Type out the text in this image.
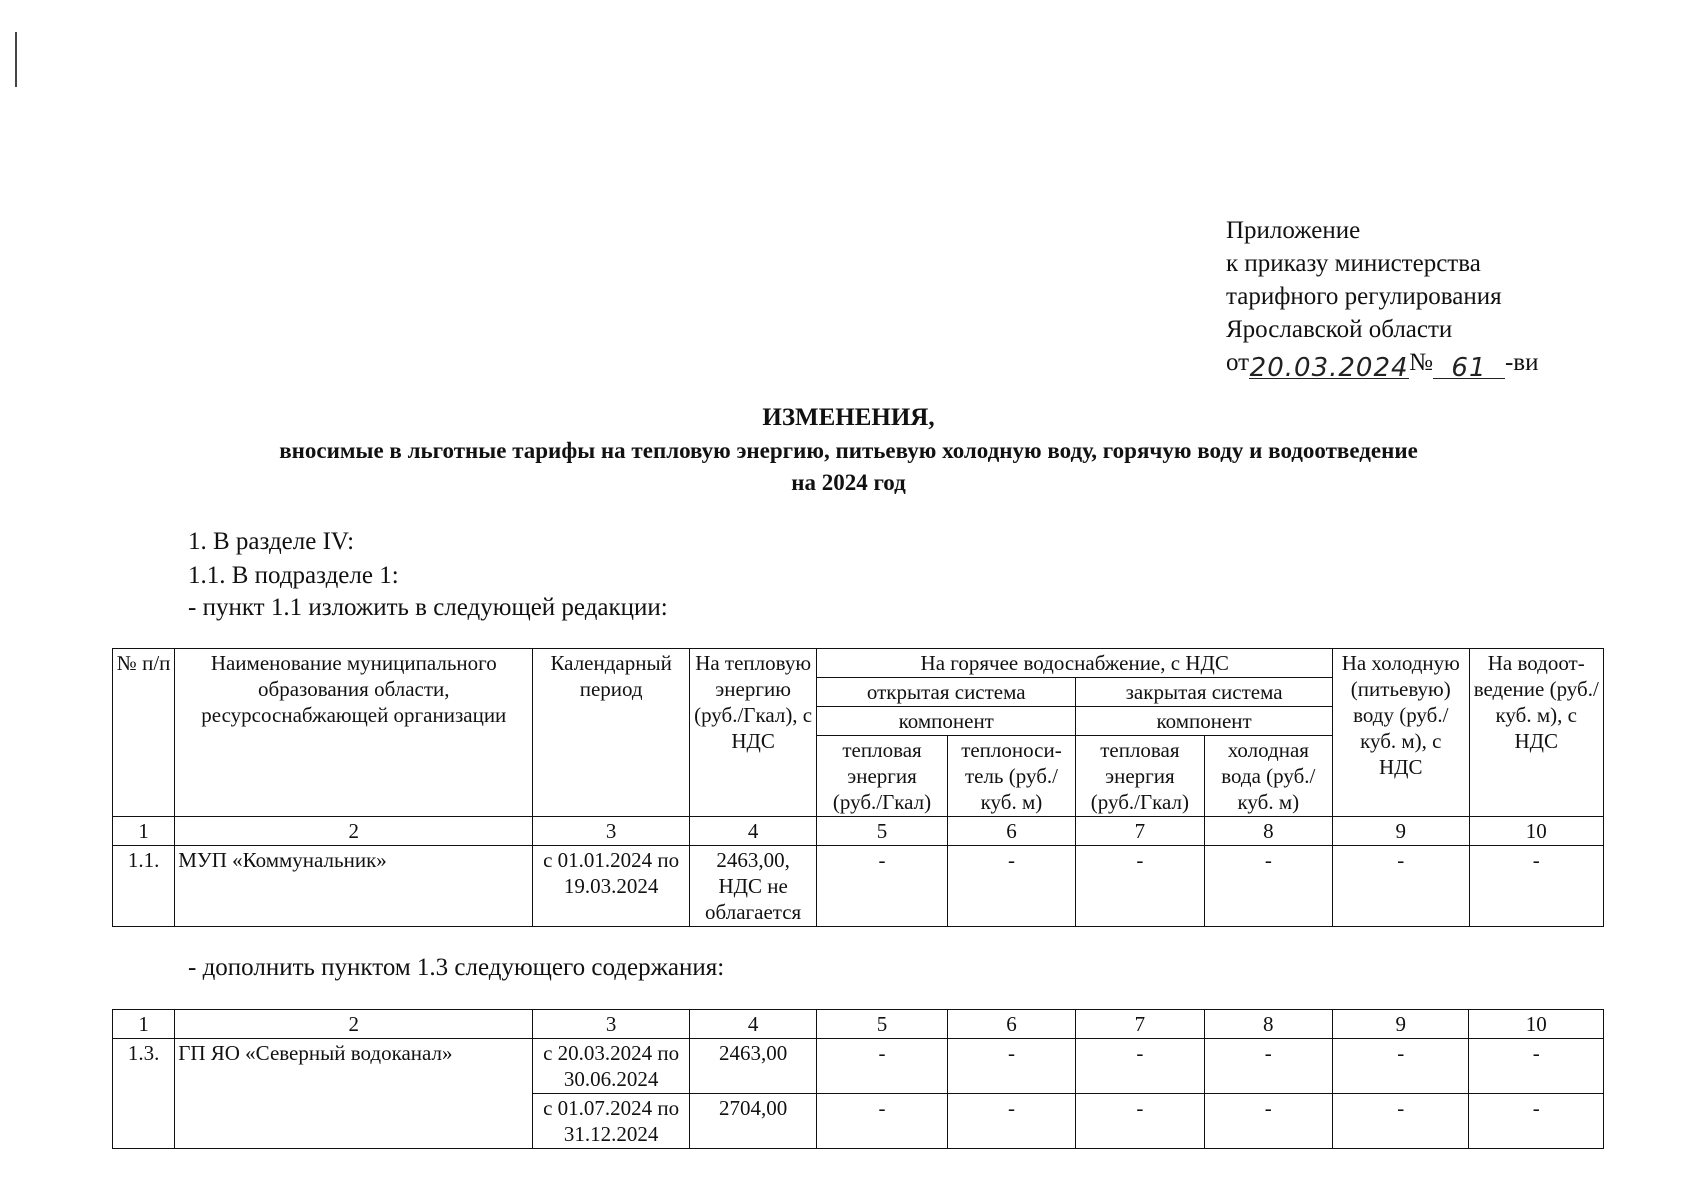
Приложение
к приказу министерства
тарифного регулирования
Ярославской области
от20.03.2024№ 61 -ви
ИЗМЕНЕНИЯ,
вносимые в льготные тарифы на тепловую энергию, питьевую холодную воду, горячую воду и водоотведение
на 2024 год
1. В разделе IV:
1.1. В подразделе 1:
- пункт 1.1 изложить в следующей редакции:
№ п/п	Наименование муниципального образования области, ресурсоснабжающей организации	Календарный период	На тепловую энергию (руб./Гкал), с НДС	На горячее водоснабжение, с НДС				На холодную (питьевую) воду (руб./куб. м), с НДС	На водоот- ведение (руб./куб. м), с НДС
				открытая система		закрытая система			
				компонент		компонент			
				тепловая энергия (руб./Гкал)	теплоноси- тель (руб./куб. м)	тепловая энергия (руб./Гкал)	холодная вода (руб./куб. м)		
1	2	3	4	5	6	7	8	9	10
1.1.	МУП «Коммунальник»	с 01.01.2024 по 19.03.2024	2463,00, НДС не облагается	-	-	-	-	-	-
- дополнить пунктом 1.3 следующего содержания:
1	2	3	4	5	6	7	8	9	10
1.3.	ГП ЯО «Северный водоканал»	с 20.03.2024 по 30.06.2024	2463,00	-	-	-	-	-	-
		с 01.07.2024 по 31.12.2024	2704,00	-	-	-	-	-	-
